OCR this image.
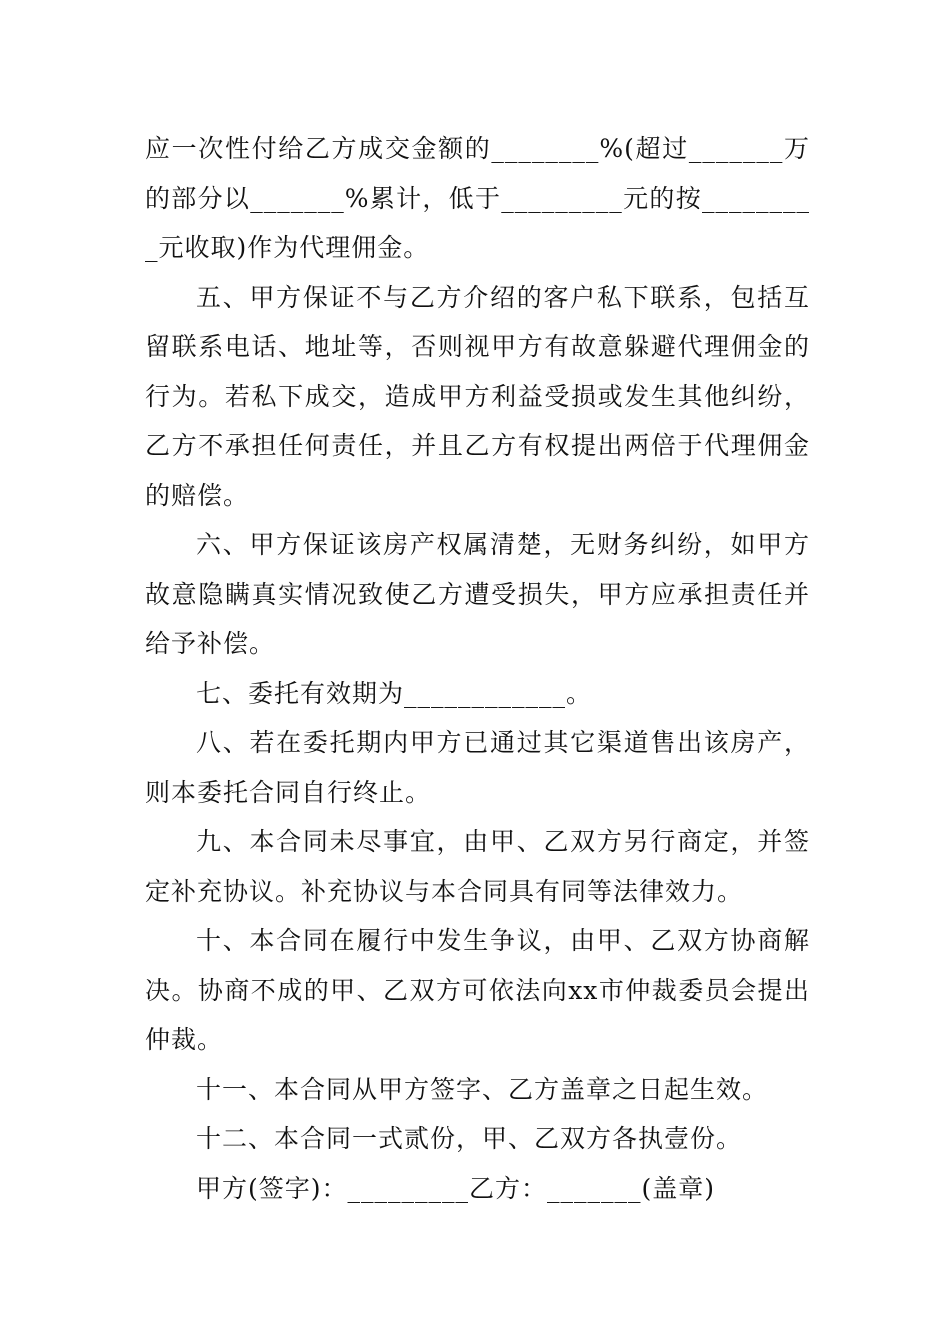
应一次性付给乙方成交金额的________%(超过_______万的部分以_______%累计，低于_________元的按_________元收取)作为代理佣金。

五、甲方保证不与乙方介绍的客户私下联系，包括互留联系电话、地址等，否则视甲方有故意躲避代理佣金的行为。若私下成交，造成甲方利益受损或发生其他纠纷，乙方不承担任何责任，并且乙方有权提出两倍于代理佣金的赔偿。

六、甲方保证该房产权属清楚，无财务纠纷，如甲方故意隐瞒真实情况致使乙方遭受损失，甲方应承担责任并给予补偿。

七、委托有效期为____________。

八、若在委托期内甲方已通过其它渠道售出该房产，则本委托合同自行终止。

九、本合同未尽事宜，由甲、乙双方另行商定，并签定补充协议。补充协议与本合同具有同等法律效力。

十、本合同在履行中发生争议，由甲、乙双方协商解决。协商不成的甲、乙双方可依法向xx市仲裁委员会提出仲裁。

十一、本合同从甲方签字、乙方盖章之日起生效。

十二、本合同一式贰份，甲、乙双方各执壹份。

甲方(签字)：_________乙方：_______(盖章)
